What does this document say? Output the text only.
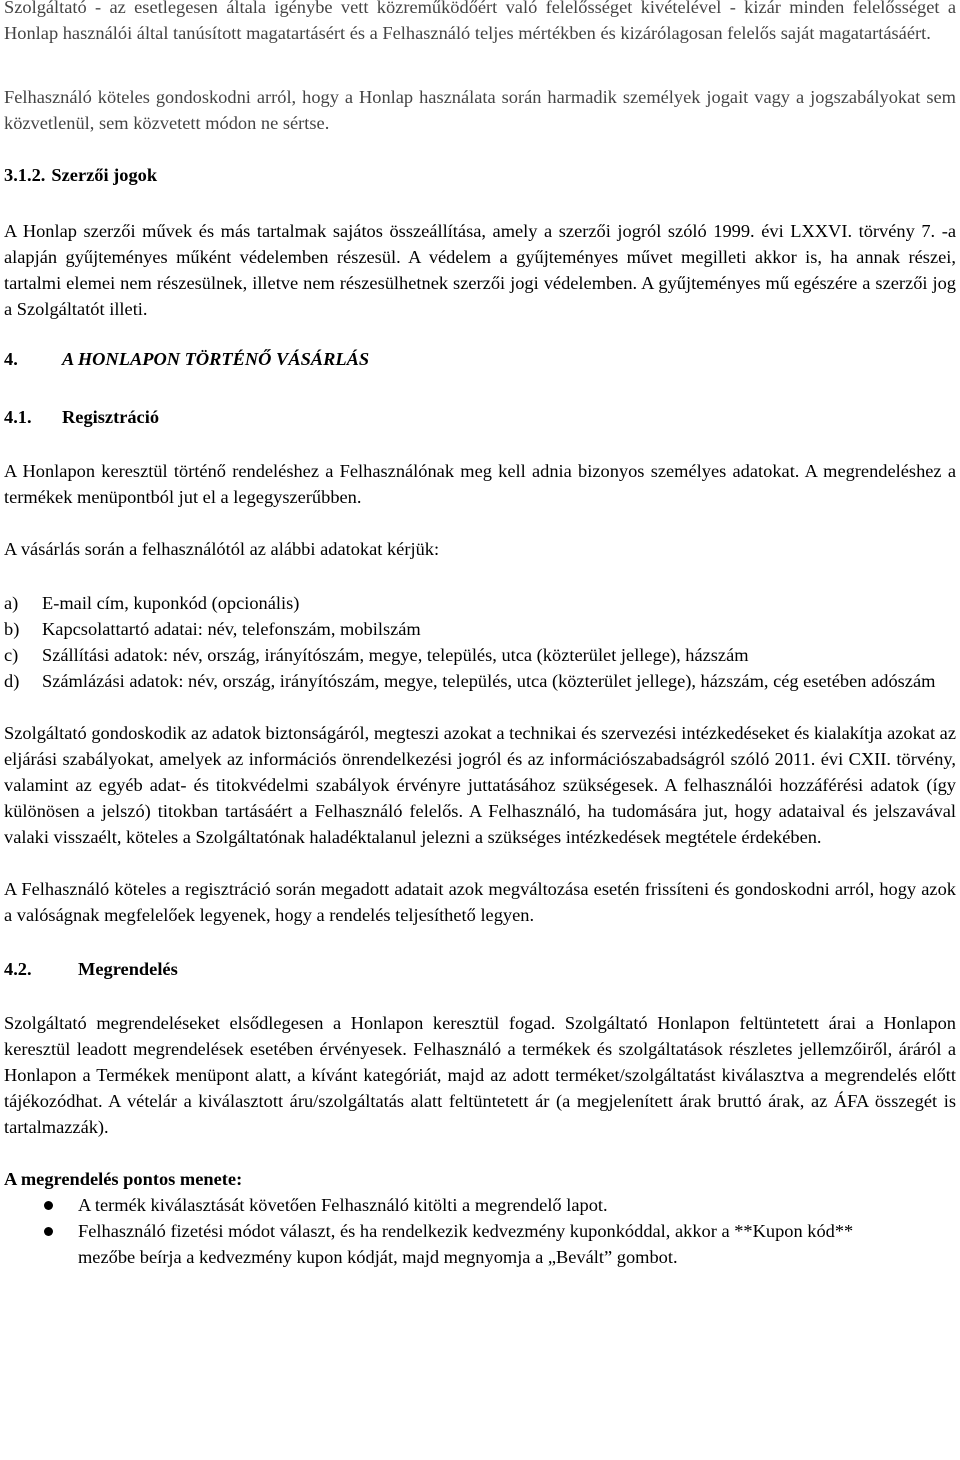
Szolgáltató - az esetlegesen általa igénybe vett közreműködőért való felelősséget kivételével - kizár minden felelősséget a Honlap használói által tanúsított magatartásért és a Felhasználó teljes mértékben és kizárólagosan felelős saját magatartásáért.

Felhasználó köteles gondoskodni arról, hogy a Honlap használata során harmadik személyek jogait vagy a jogszabályokat sem közvetlenül, sem közvetett módon ne sértse.

3.1.2. Szerzői jogok

A Honlap szerzői művek és más tartalmak sajátos összeállítása, amely a szerzői jogról szóló 1999. évi LXXVI. törvény 7. -a alapján gyűjteményes műként védelemben részesül. A védelem a gyűjteményes művet megilleti akkor is, ha annak részei, tartalmi elemei nem részesülnek, illetve nem részesülhetnek szerzői jogi védelemben. A gyűjteményes mű egészére a szerzői jog a Szolgáltatót illeti.

4.	A HONLAPON TÖRTÉNŐ VÁSÁRLÁS
4.1.	Regisztráció

A Honlapon keresztül történő rendeléshez a Felhasználónak meg kell adnia bizonyos személyes adatokat. A megrendeléshez a termékek menüpontból jut el a legegyszerűbben.

A vásárlás során a felhasználótól az alábbi adatokat kérjük:

a)	E-mail cím, kuponkód (opcionális)
b)	Kapcsolattartó adatai: név, telefonszám, mobilszám
c)	Szállítási adatok: név, ország, irányítószám, megye, település, utca (közterület jellege), házszám
d)	Számlázási adatok: név, ország, irányítószám, megye, település, utca (közterület jellege), házszám, cég esetében adószám

Szolgáltató gondoskodik az adatok biztonságáról, megteszi azokat a technikai és szervezési intézkedéseket és kialakítja azokat az eljárási szabályokat, amelyek az információs önrendelkezési jogról és az információszabadságról szóló 2011. évi CXII. törvény, valamint az egyéb adat- és titokvédelmi szabályok érvényre juttatásához szükségesek. A felhasználói hozzáférési adatok (így különösen a jelszó) titokban tartásáért a Felhasználó felelős. A Felhasználó, ha tudomására jut, hogy adataival és jelszavával valaki visszaélt, köteles a Szolgáltatónak haladéktalanul jelezni a szükséges intézkedések megtétele érdekében.

A Felhasználó köteles a regisztráció során megadott adatait azok megváltozása esetén frissíteni és gondoskodni arról, hogy azok a valóságnak megfelelőek legyenek, hogy a rendelés teljesíthető legyen.

4.2.	Megrendelés

Szolgáltató megrendeléseket elsődlegesen a Honlapon keresztül fogad. Szolgáltató Honlapon feltüntetett árai a Honlapon keresztül leadott megrendelések esetében érvényesek. Felhasználó a termékek és szolgáltatások részletes jellemzőiről, áráról a Honlapon a Termékek menüpont alatt, a kívánt kategóriát, majd az adott terméket/szolgáltatást kiválasztva a megrendelés előtt tájékozódhat. A vételár a kiválasztott áru/szolgáltatás alatt feltüntetett ár (a megjelenített árak bruttó árak, az ÁFA összegét is tartalmazzák).

A megrendelés pontos menete:

A termék kiválasztását követően Felhasználó kitölti a megrendelő lapot.
Felhasználó fizetési módot választ, és ha rendelkezik kedvezmény kuponkóddal, akkor a **Kupon kód** mezőbe beírja a kedvezmény kupon kódját, majd megnyomja a „Bevált” gombot.
